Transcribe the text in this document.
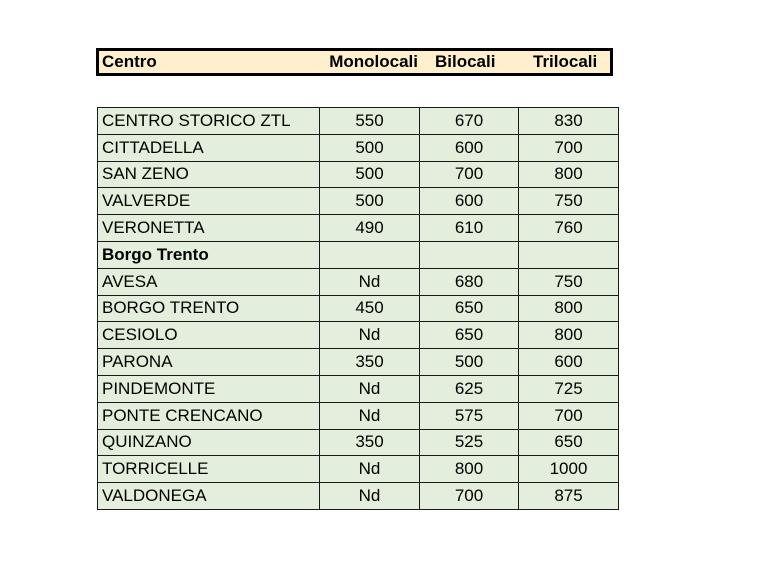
Centro	Monolocali	Bilocali	Trilocali
CENTRO STORICO ZTL	550	670	830
CITTADELLA	500	600	700
SAN ZENO	500	700	800
VALVERDE	500	600	750
VERONETTA	490	610	760
Borgo Trento			
AVESA	Nd	680	750
BORGO TRENTO	450	650	800
CESIOLO	Nd	650	800
PARONA	350	500	600
PINDEMONTE	Nd	625	725
PONTE CRENCANO	Nd	575	700
QUINZANO	350	525	650
TORRICELLE	Nd	800	1000
VALDONEGA	Nd	700	875
